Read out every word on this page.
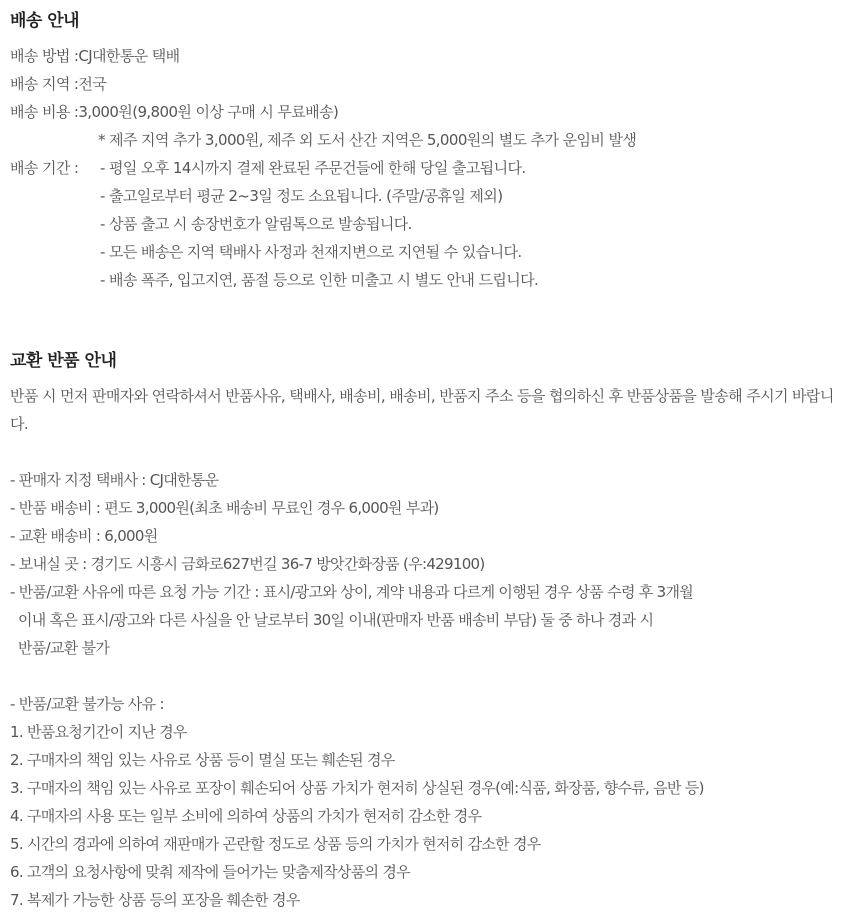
배송 안내
배송 방법 : CJ대한통운 택배
배송 지역 : 전국
배송 비용 : 3,000원(9,800원 이상 구매 시 무료배송)
* 제주 지역 추가 3,000원, 제주 외 도서 산간 지역은 5,000원의 별도 추가 운임비 발생
배송 기간 :	- 평일 오후 14시까지 결제 완료된 주문건들에 한해 당일 출고됩니다.
- 출고일로부터 평균 2~3일 정도 소요됩니다. (주말/공휴일 제외)
- 상품 출고 시 송장번호가 알림톡으로 발송됩니다.
- 모든 배송은 지역 택배사 사정과 천재지변으로 지연될 수 있습니다.
- 배송 폭주, 입고지연, 품절 등으로 인한 미출고 시 별도 안내 드립니다.
교환 반품 안내
반품 시 먼저 판매자와 연락하셔서 반품사유, 택배사, 배송비, 배송비, 반품지 주소 등을 협의하신 후 반품상품을 발송해 주시기 바랍니다.
- 판매자 지정 택배사 : CJ대한통운
- 반품 배송비 : 편도 3,000원(최초 배송비 무료인 경우 6,000원 부과)
- 교환 배송비 : 6,000원
- 보내실 곳 : 경기도 시흥시 금화로627번길 36-7 방앗간화장품 (우:429100)
- 반품/교환 사유에 따른 요청 가능 기간 : 표시/광고와 상이, 계약 내용과 다르게 이행된 경우 상품 수령 후 3개월
이내 혹은 표시/광고와 다른 사실을 안 날로부터 30일 이내(판매자 반품 배송비 부담) 둘 중 하나 경과 시
반품/교환 불가
- 반품/교환 불가능 사유 :
1. 반품요청기간이 지난 경우
2. 구매자의 책임 있는 사유로 상품 등이 멸실 또는 훼손된 경우
3. 구매자의 책임 있는 사유로 포장이 훼손되어 상품 가치가 현저히 상실된 경우(예:식품, 화장품, 향수류, 음반 등)
4. 구매자의 사용 또는 일부 소비에 의하여 상품의 가치가 현저히 감소한 경우
5. 시간의 경과에 의하여 재판매가 곤란할 정도로 상품 등의 가치가 현저히 감소한 경우
6. 고객의 요청사항에 맞춰 제작에 들어가는 맞춤제작상품의 경우
7. 복제가 가능한 상품 등의 포장을 훼손한 경우
